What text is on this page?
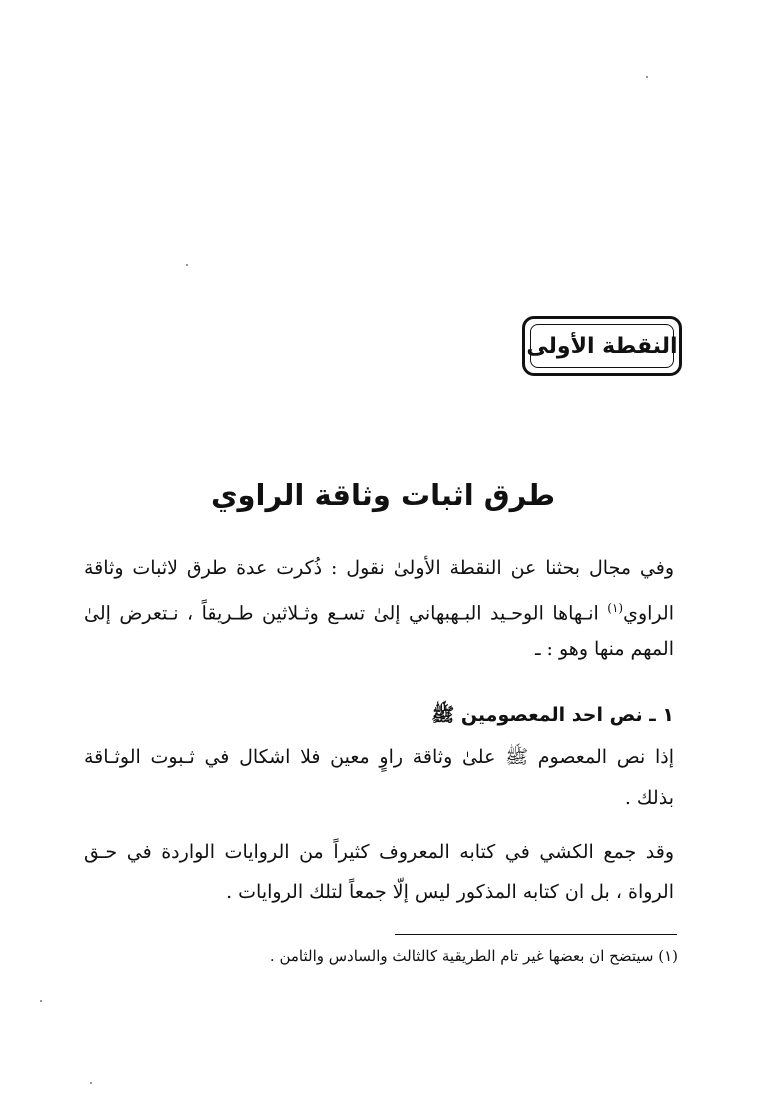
النقطة الأولى
طرق اثبات وثاقة الراوي
وفي مجال بحثنا عن النقطة الأولىٰ نقول : ذُكرت عدة طرق لاثبات وثاقة
الراوي$^{(١)}$ انـهاها الوحـيد البـهبهاني إلىٰ تسـع وثـلاثين طـريقاً ، نـتعرض إلىٰ
المهم منها وهو : ـ
١ ـ نص احد المعصومين ﷺ
إذا نص المعصوم ﷺ علىٰ وثاقة راوٍ معين فلا اشكال في ثـبوت الوثـاقة
بذلك .
وقد جمع الكشي في كتابه المعروف كثيراً من الروايات الواردة في حـق
الرواة ، بل ان كتابه المذكور ليس إلّا جمعاً لتلك الروايات .
(١) سيتضح ان بعضها غير تام الطريقية كالثالث والسادس والثامن .
